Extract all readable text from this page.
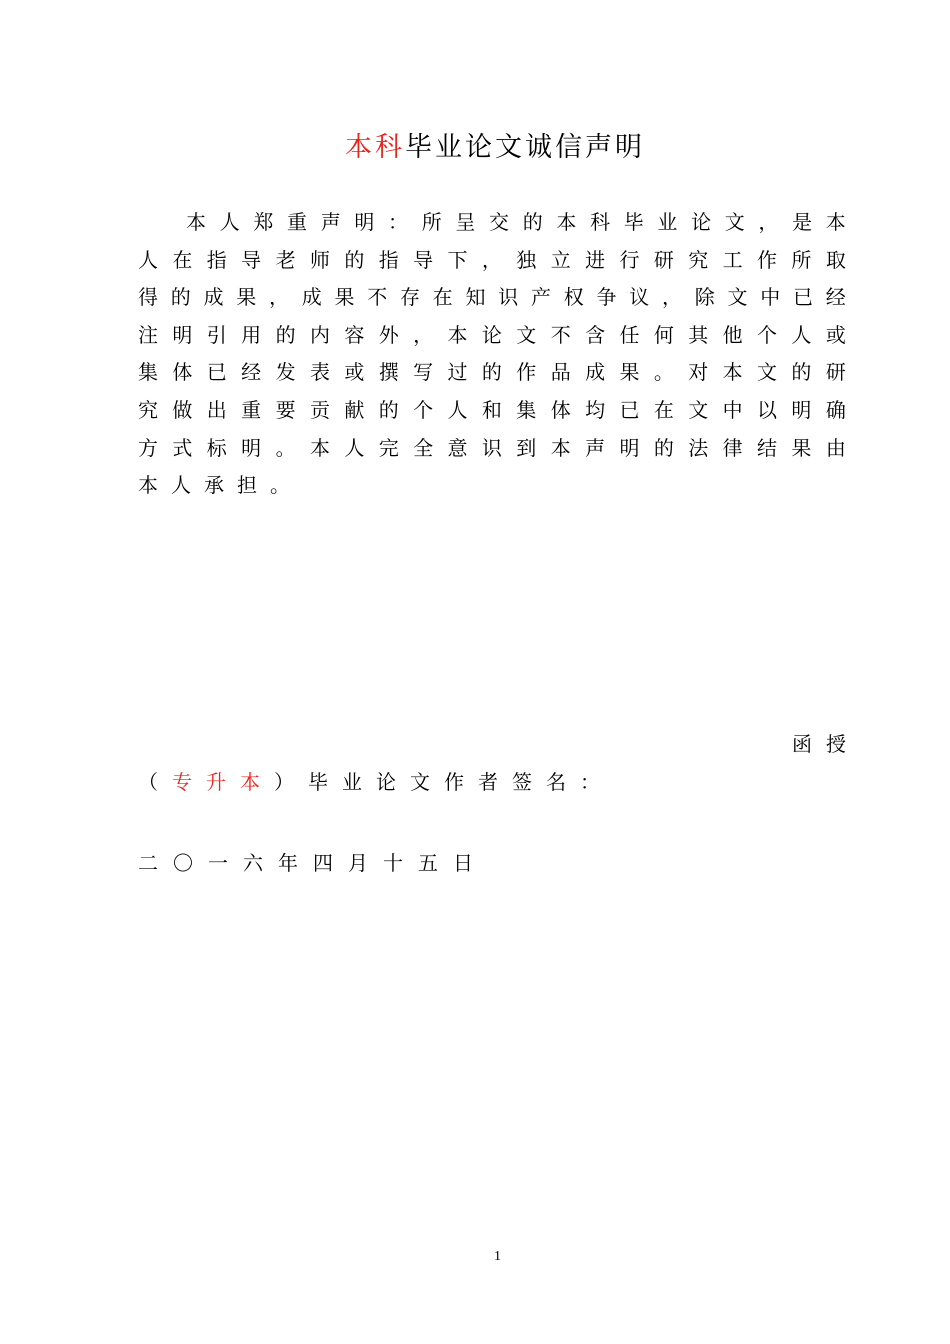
本科毕业论文诚信声明
本 人 郑 重 声 明 ： 所 呈 交 的 本 科 毕 业 论 文 ， 是 本
人 在 指 导 老 师 的 指 导 下 ， 独 立 进 行 研 究 工 作 所 取
得 的 成 果 ， 成 果 不 存 在 知 识 产 权 争 议 ， 除 文 中 已 经
注 明 引 用 的 内 容 外 ， 本 论 文 不 含 任 何 其 他 个 人 或
集 体 已 经 发 表 或 撰 写 过 的 作 品 成 果 。 对 本 文 的 研
究 做 出 重 要 贡 献 的 个 人 和 集 体 均 已 在 文 中 以 明 确
方 式 标 明 。 本 人 完 全 意 识 到 本 声 明 的 法 律 结 果 由
本 人 承 担 。
函授
（专升本）毕业论文作者签名：
二〇一六年四月十五日
1
